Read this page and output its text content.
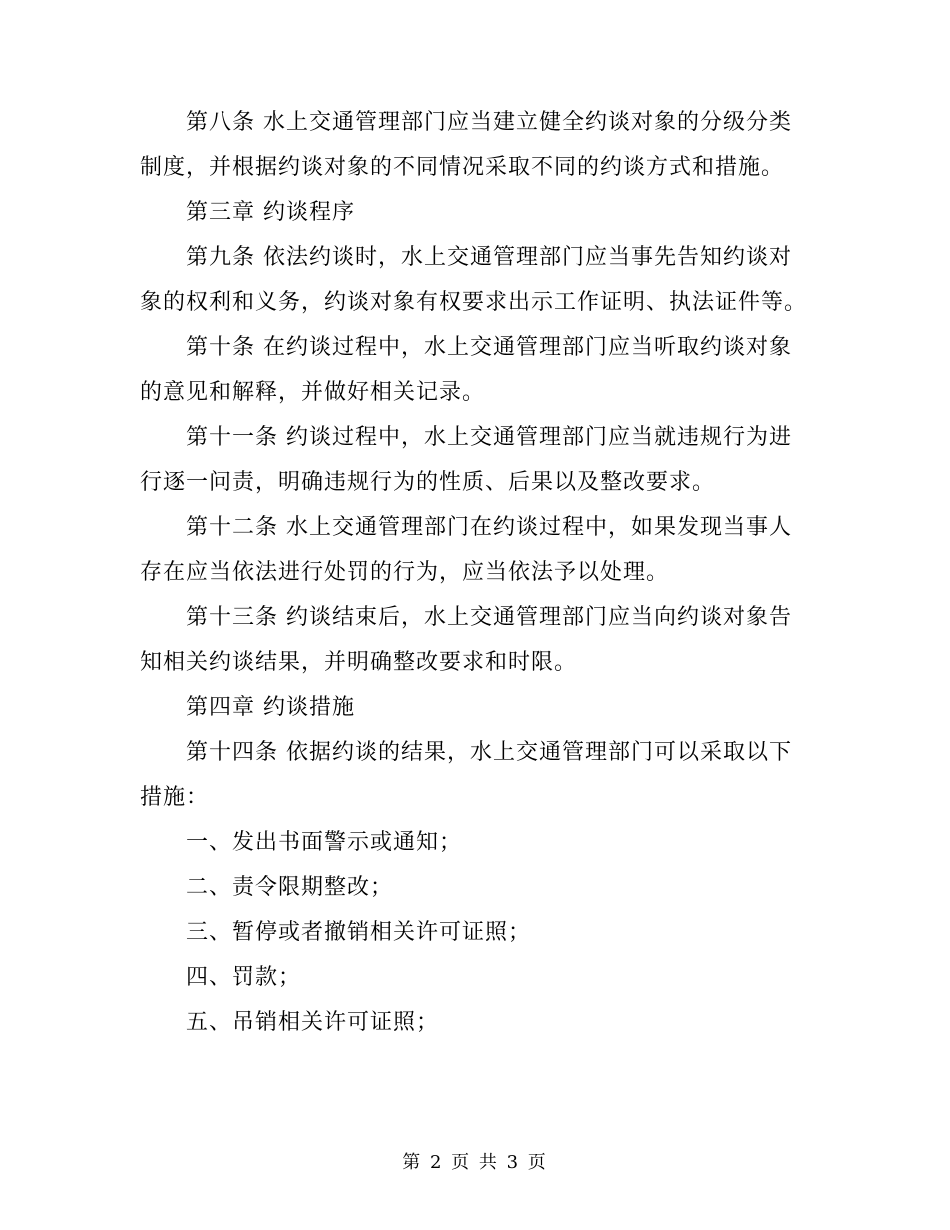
第八条 水上交通管理部门应当建立健全约谈对象的分级分类制度，并根据约谈对象的不同情况采取不同的约谈方式和措施。

第三章 约谈程序

第九条 依法约谈时，水上交通管理部门应当事先告知约谈对象的权利和义务，约谈对象有权要求出示工作证明、执法证件等。

第十条 在约谈过程中，水上交通管理部门应当听取约谈对象的意见和解释，并做好相关记录。

第十一条 约谈过程中，水上交通管理部门应当就违规行为进行逐一问责，明确违规行为的性质、后果以及整改要求。

第十二条 水上交通管理部门在约谈过程中，如果发现当事人存在应当依法进行处罚的行为，应当依法予以处理。

第十三条 约谈结束后，水上交通管理部门应当向约谈对象告知相关约谈结果，并明确整改要求和时限。

第四章 约谈措施

第十四条 依据约谈的结果，水上交通管理部门可以采取以下措施：

一、发出书面警示或通知；

二、责令限期整改；

三、暂停或者撤销相关许可证照；

四、罚款；

五、吊销相关许可证照；

第 2 页 共 3 页
